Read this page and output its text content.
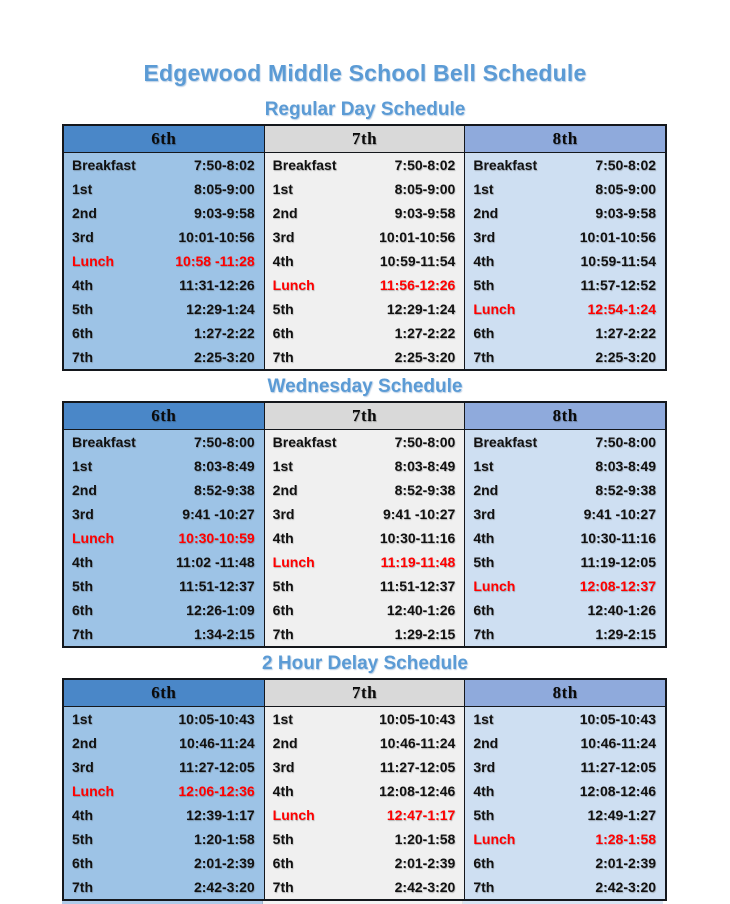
Edgewood Middle School Bell Schedule
Regular Day Schedule
6th
Breakfast	7:50-8:02
1st	8:05-9:00
2nd	9:03-9:58
3rd	10:01-10:56
Lunch	10:58 -11:28
4th	11:31-12:26
5th	12:29-1:24
6th	1:27-2:22
7th	2:25-3:20
7th
Breakfast	7:50-8:02
1st	8:05-9:00
2nd	9:03-9:58
3rd	10:01-10:56
4th	10:59-11:54
Lunch	11:56-12:26
5th	12:29-1:24
6th	1:27-2:22
7th	2:25-3:20
8th
Breakfast	7:50-8:02
1st	8:05-9:00
2nd	9:03-9:58
3rd	10:01-10:56
4th	10:59-11:54
5th	11:57-12:52
Lunch	12:54-1:24
6th	1:27-2:22
7th	2:25-3:20
Wednesday Schedule
6th
Breakfast	7:50-8:00
1st	8:03-8:49
2nd	8:52-9:38
3rd	9:41 -10:27
Lunch	10:30-10:59
4th	11:02 -11:48
5th	11:51-12:37
6th	12:26-1:09
7th	1:34-2:15
7th
Breakfast	7:50-8:00
1st	8:03-8:49
2nd	8:52-9:38
3rd	9:41 -10:27
4th	10:30-11:16
Lunch	11:19-11:48
5th	11:51-12:37
6th	12:40-1:26
7th	1:29-2:15
8th
Breakfast	7:50-8:00
1st	8:03-8:49
2nd	8:52-9:38
3rd	9:41 -10:27
4th	10:30-11:16
5th	11:19-12:05
Lunch	12:08-12:37
6th	12:40-1:26
7th	1:29-2:15
2 Hour Delay Schedule
6th
1st	10:05-10:43
2nd	10:46-11:24
3rd	11:27-12:05
Lunch	12:06-12:36
4th	12:39-1:17
5th	1:20-1:58
6th	2:01-2:39
7th	2:42-3:20
7th
1st	10:05-10:43
2nd	10:46-11:24
3rd	11:27-12:05
4th	12:08-12:46
Lunch	12:47-1:17
5th	1:20-1:58
6th	2:01-2:39
7th	2:42-3:20
8th
1st	10:05-10:43
2nd	10:46-11:24
3rd	11:27-12:05
4th	12:08-12:46
5th	12:49-1:27
Lunch	1:28-1:58
6th	2:01-2:39
7th	2:42-3:20
